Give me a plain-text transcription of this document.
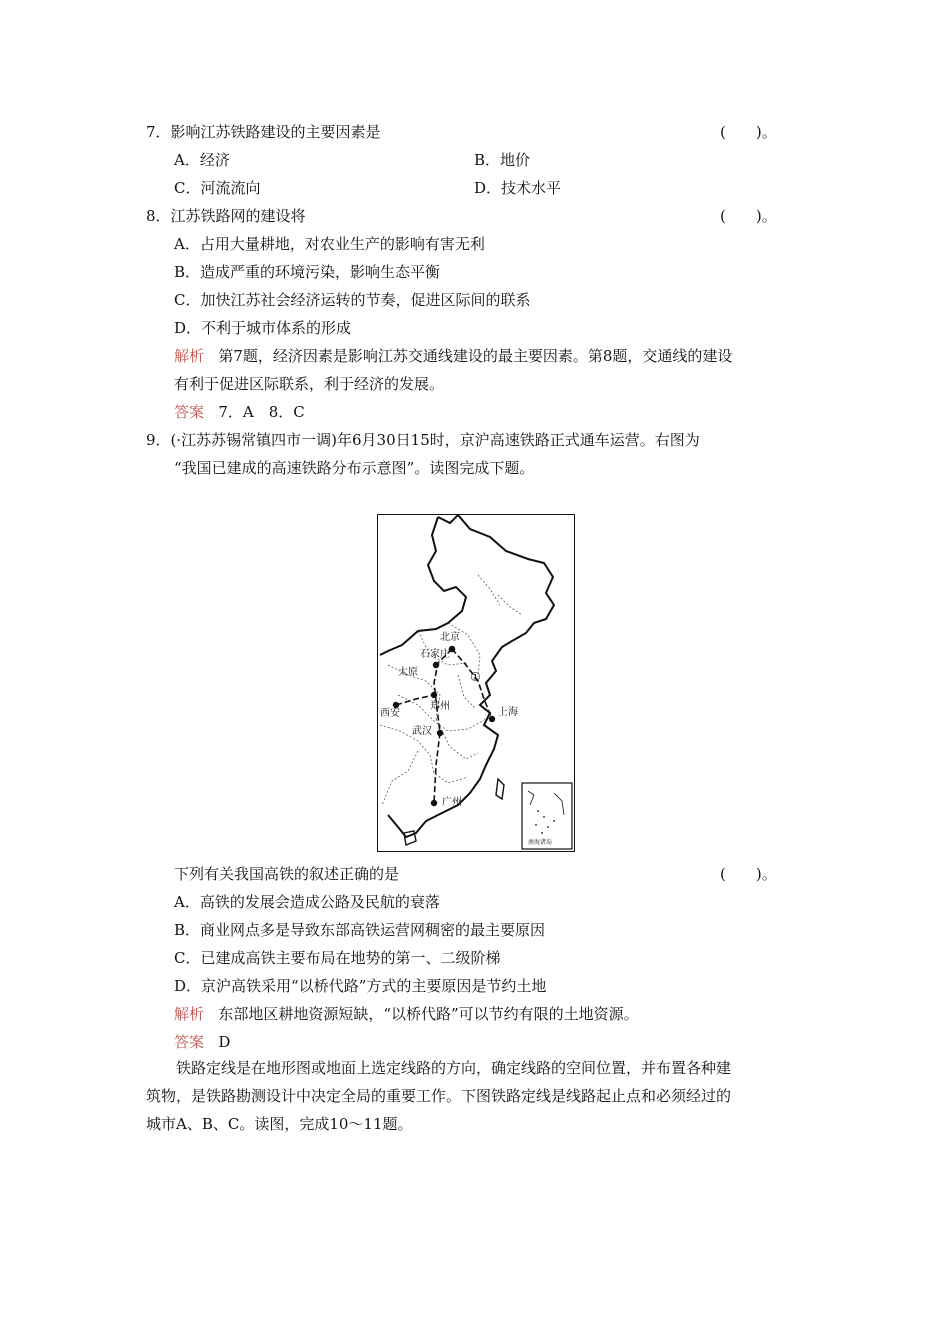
7．影响江苏铁路建设的主要因素是	(　　)。
A．经济	B．地价
C．河流流向	D．技术水平
8．江苏铁路网的建设将	(　　)。
A．占用大量耕地，对农业生产的影响有害无利
B．造成严重的环境污染，影响生态平衡
C．加快江苏社会经济运转的节奏，促进区际间的联系
D．不利于城市体系的形成
解析 第7题，经济因素是影响江苏交通线建设的最主要因素。第8题，交通线的建设
有利于促进区际联系，利于经济的发展。
答案 7．A　8．C
9．(·江苏苏锡常镇四市一调)年6月30日15时，京沪高速铁路正式通车运营。右图为
“我国已建成的高速铁路分布示意图”。读图完成下题。
北京
石家庄
太原
西安
郑州
上海
武汉
广州
①
南海诸岛
下列有关我国高铁的叙述正确的是	(　　)。
A．高铁的发展会造成公路及民航的衰落
B．商业网点多是导致东部高铁运营网稠密的最主要原因
C．已建成高铁主要布局在地势的第一、二级阶梯
D．京沪高铁采用“以桥代路”方式的主要原因是节约土地
解析 东部地区耕地资源短缺，“以桥代路”可以节约有限的土地资源。
答案 D
铁路定线是在地形图或地面上选定线路的方向，确定线路的空间位置，并布置各种建
筑物，是铁路勘测设计中决定全局的重要工作。下图铁路定线是线路起止点和必须经过的
城市A、B、C。读图，完成10～11题。
